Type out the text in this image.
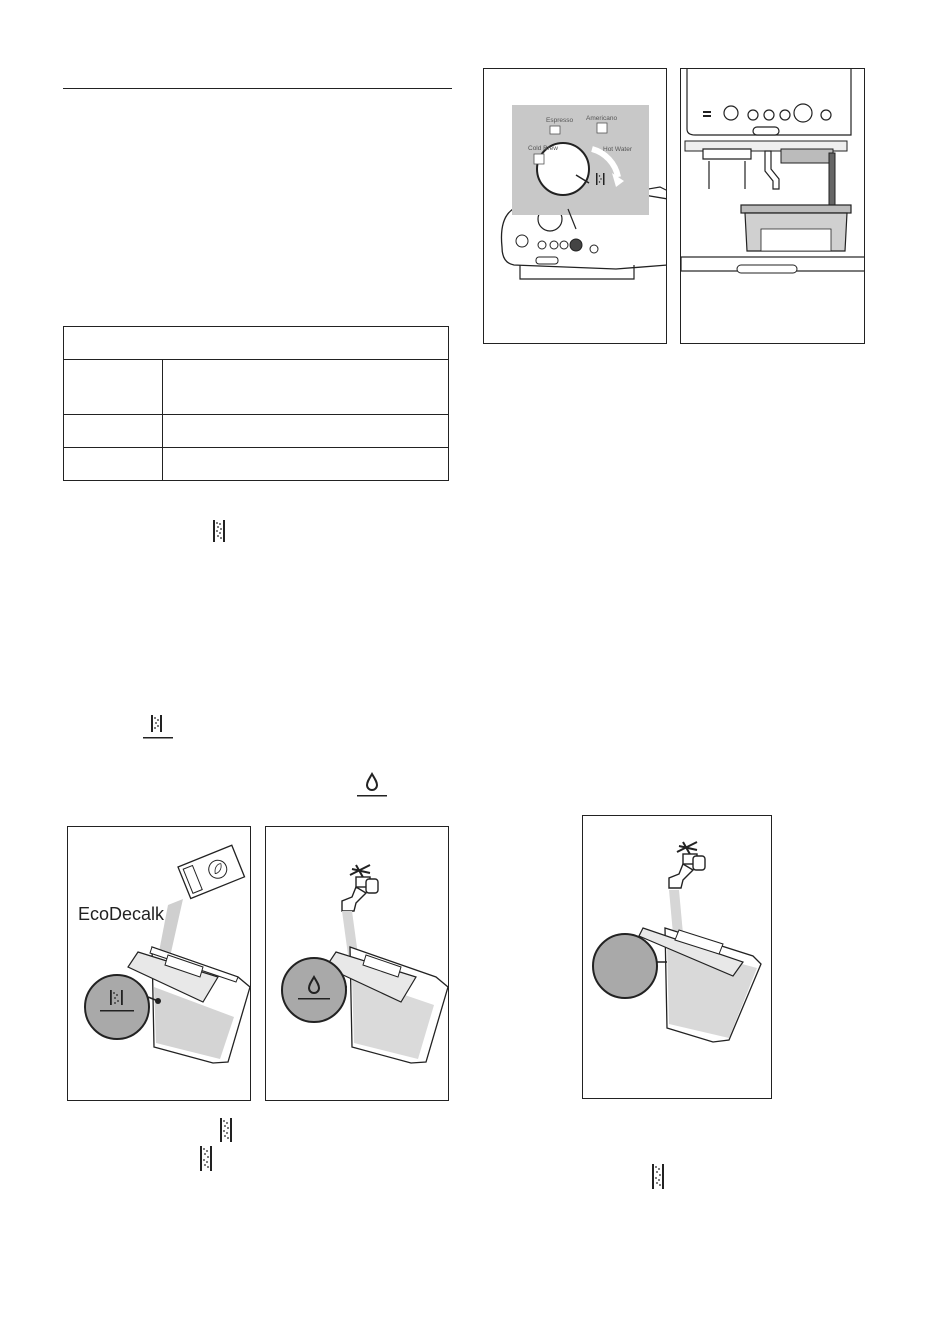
EcoDecalk
Espresso Americano
Cold Brew	Hot Water
